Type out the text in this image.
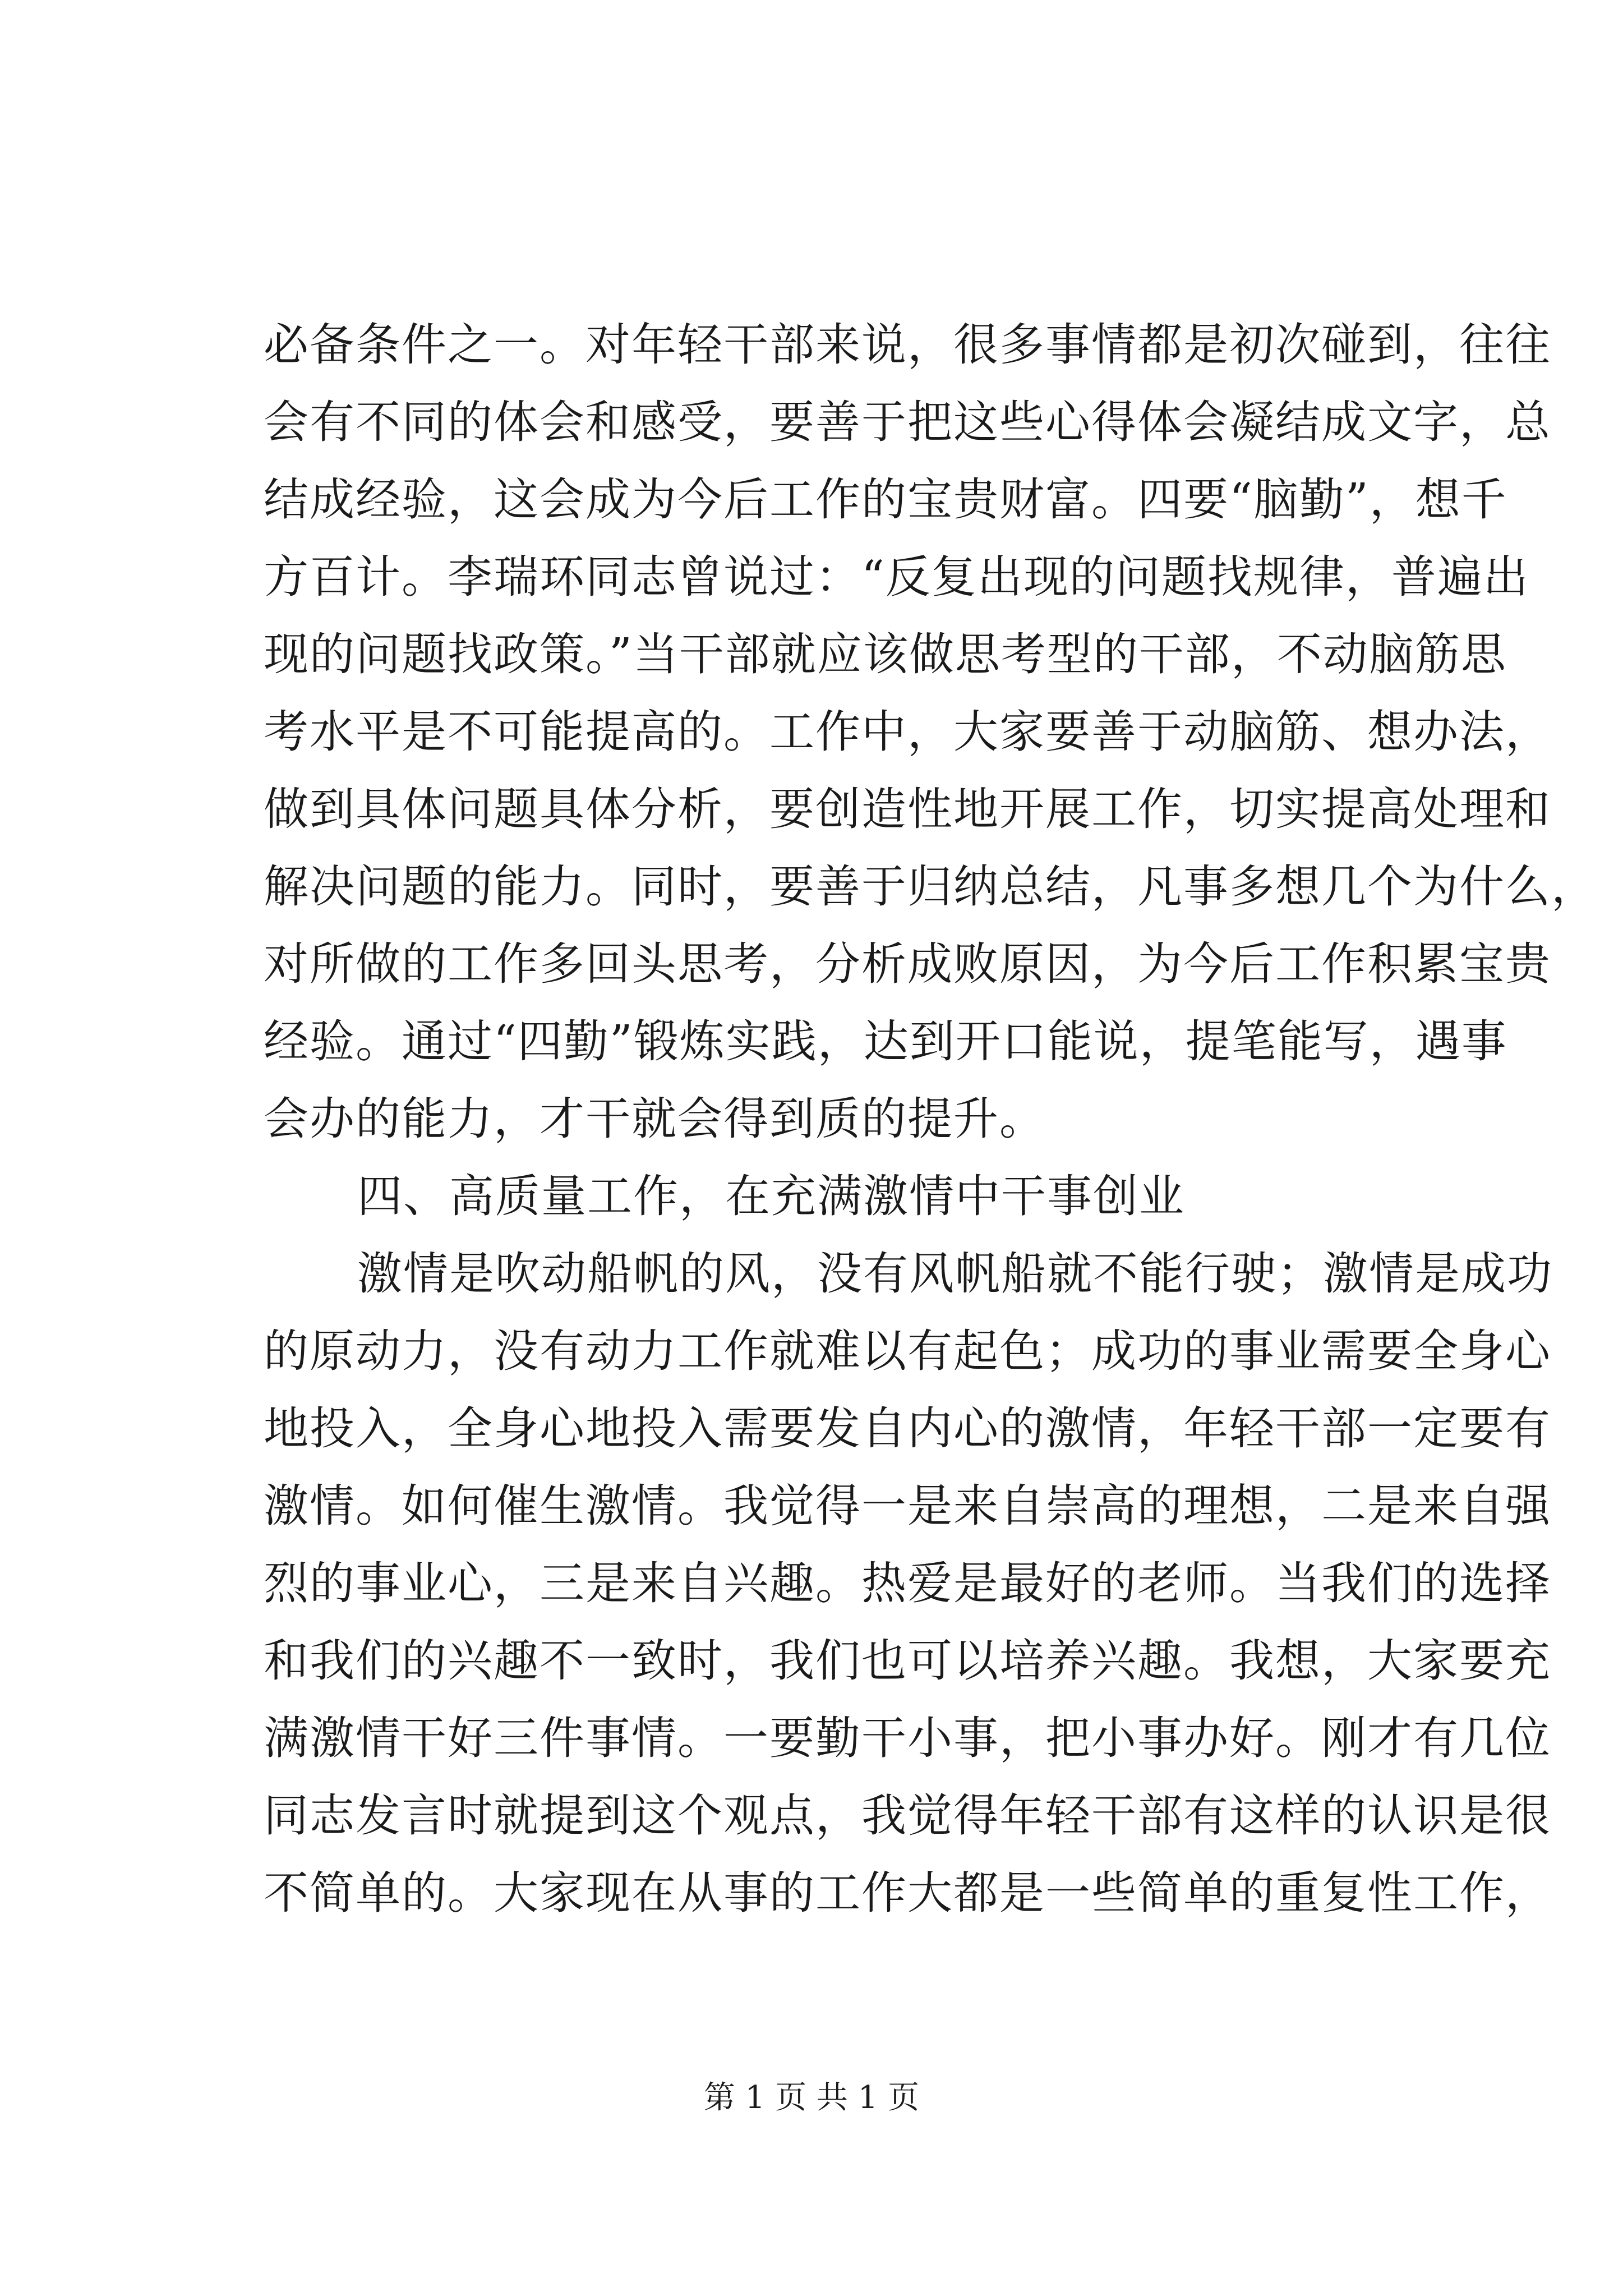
必备条件之一。对年轻干部来说，很多事情都是初次碰到，往往
会有不同的体会和感受，要善于把这些心得体会凝结成文字，总
结成经验，这会成为今后工作的宝贵财富。四要“脑勤”，想千
方百计。李瑞环同志曾说过：“反复出现的问题找规律，普遍出
现的问题找政策。”当干部就应该做思考型的干部，不动脑筋思
考水平是不可能提高的。工作中，大家要善于动脑筋、想办法，
做到具体问题具体分析，要创造性地开展工作，切实提高处理和
解决问题的能力。同时，要善于归纳总结，凡事多想几个为什么，
对所做的工作多回头思考，分析成败原因，为今后工作积累宝贵
经验。通过“四勤”锻炼实践，达到开口能说，提笔能写，遇事
会办的能力，才干就会得到质的提升。
四、高质量工作，在充满激情中干事创业
激情是吹动船帆的风，没有风帆船就不能行驶；激情是成功
的原动力，没有动力工作就难以有起色；成功的事业需要全身心
地投入，全身心地投入需要发自内心的激情，年轻干部一定要有
激情。如何催生激情。我觉得一是来自崇高的理想，二是来自强
烈的事业心，三是来自兴趣。热爱是最好的老师。当我们的选择
和我们的兴趣不一致时，我们也可以培养兴趣。我想，大家要充
满激情干好三件事情。一要勤干小事，把小事办好。刚才有几位
同志发言时就提到这个观点，我觉得年轻干部有这样的认识是很
不简单的。大家现在从事的工作大都是一些简单的重复性工作，
第 1 页 共 1 页
